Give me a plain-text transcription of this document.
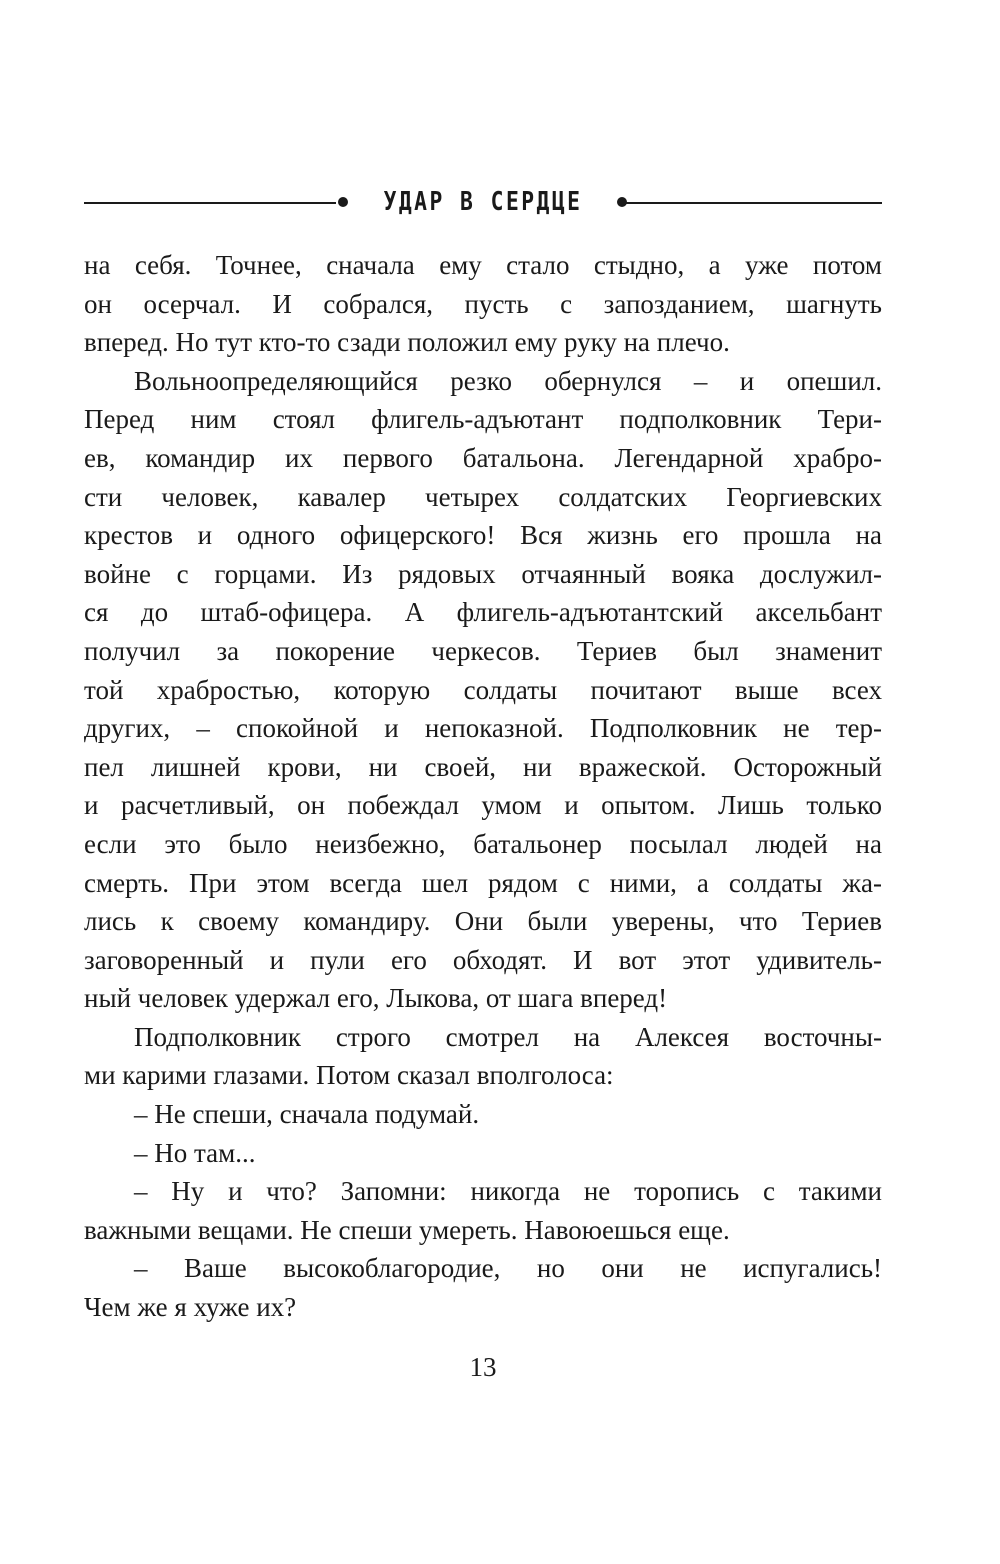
УДАР В СЕРДЦЕ
на себя. Точнее, сначала ему стало стыдно, а уже потом
он осерчал. И собрался, пусть с запозданием, шагнуть
вперед. Но тут кто-то сзади положил ему руку на плечо.
Вольноопределяющийся резко обернулся – и опешил.
Перед ним стоял флигель-адъютант подполковник Тери-
ев, командир их первого батальона. Легендарной храбро-
сти человек, кавалер четырех солдатских Георгиевских
крестов и одного офицерского! Вся жизнь его прошла на
войне с горцами. Из рядовых отчаянный вояка дослужил-
ся до штаб-офицера. А флигель-адъютантский аксельбант
получил за покорение черкесов. Териев был знаменит
той храбростью, которую солдаты почитают выше всех
других, – спокойной и непоказной. Подполковник не тер-
пел лишней крови, ни своей, ни вражеской. Осторожный
и расчетливый, он побеждал умом и опытом. Лишь только
если это было неизбежно, батальонер посылал людей на
смерть. При этом всегда шел рядом с ними, а солдаты жа-
лись к своему командиру. Они были уверены, что Териев
заговоренный и пули его обходят. И вот этот удивитель-
ный человек удержал его, Лыкова, от шага вперед!
Подполковник строго смотрел на Алексея восточны-
ми карими глазами. Потом сказал вполголоса:
– Не спеши, сначала подумай.
– Но там...
– Ну и что? Запомни: никогда не торопись с такими
важными вещами. Не спеши умереть. Навоюешься еще.
– Ваше высокоблагородие, но они не испугались!
Чем же я хуже их?
13
